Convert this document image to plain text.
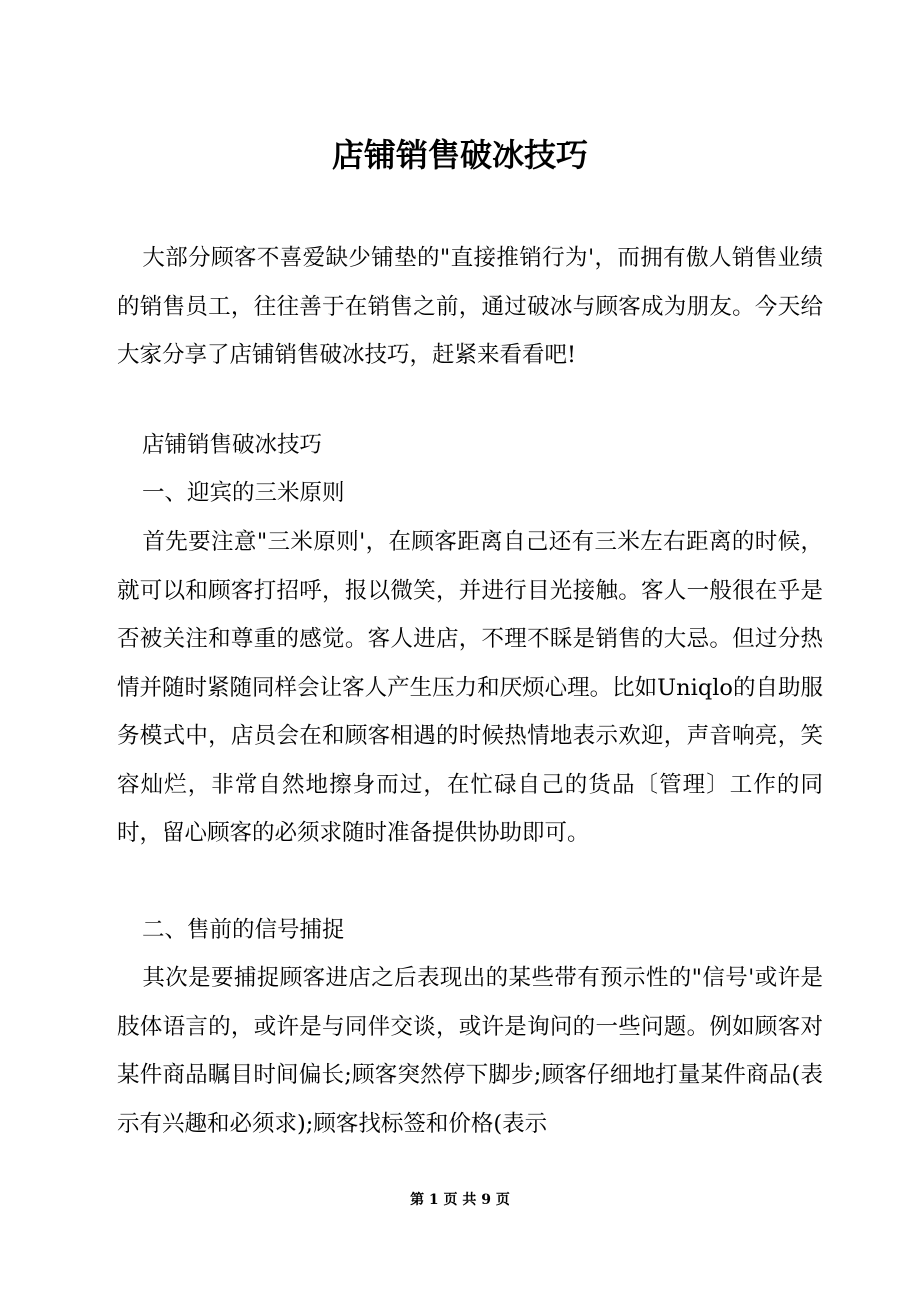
店铺销售破冰技巧

大部分顾客不喜爱缺少铺垫的"直接推销行为'，而拥有傲人销售业绩的销售员工，往往善于在销售之前，通过破冰与顾客成为朋友。今天给大家分享了店铺销售破冰技巧，赶紧来看看吧!

店铺销售破冰技巧

一、迎宾的三米原则

首先要注意"三米原则'，在顾客距离自己还有三米左右距离的时候，就可以和顾客打招呼，报以微笑，并进行目光接触。客人一般很在乎是否被关注和尊重的感觉。客人进店，不理不睬是销售的大忌。但过分热情并随时紧随同样会让客人产生压力和厌烦心理。比如Uniqlo的自助服务模式中，店员会在和顾客相遇的时候热情地表示欢迎，声音响亮，笑容灿烂，非常自然地擦身而过，在忙碌自己的货品〔管理〕工作的同时，留心顾客的必须求随时准备提供协助即可。

二、售前的信号捕捉

其次是要捕捉顾客进店之后表现出的某些带有预示性的"信号'或许是肢体语言的，或许是与同伴交谈，或许是询问的一些问题。例如顾客对某件商品瞩目时间偏长;顾客突然停下脚步;顾客仔细地打量某件商品(表示有兴趣和必须求);顾客找标签和价格(表示

第 1 页 共 9 页
